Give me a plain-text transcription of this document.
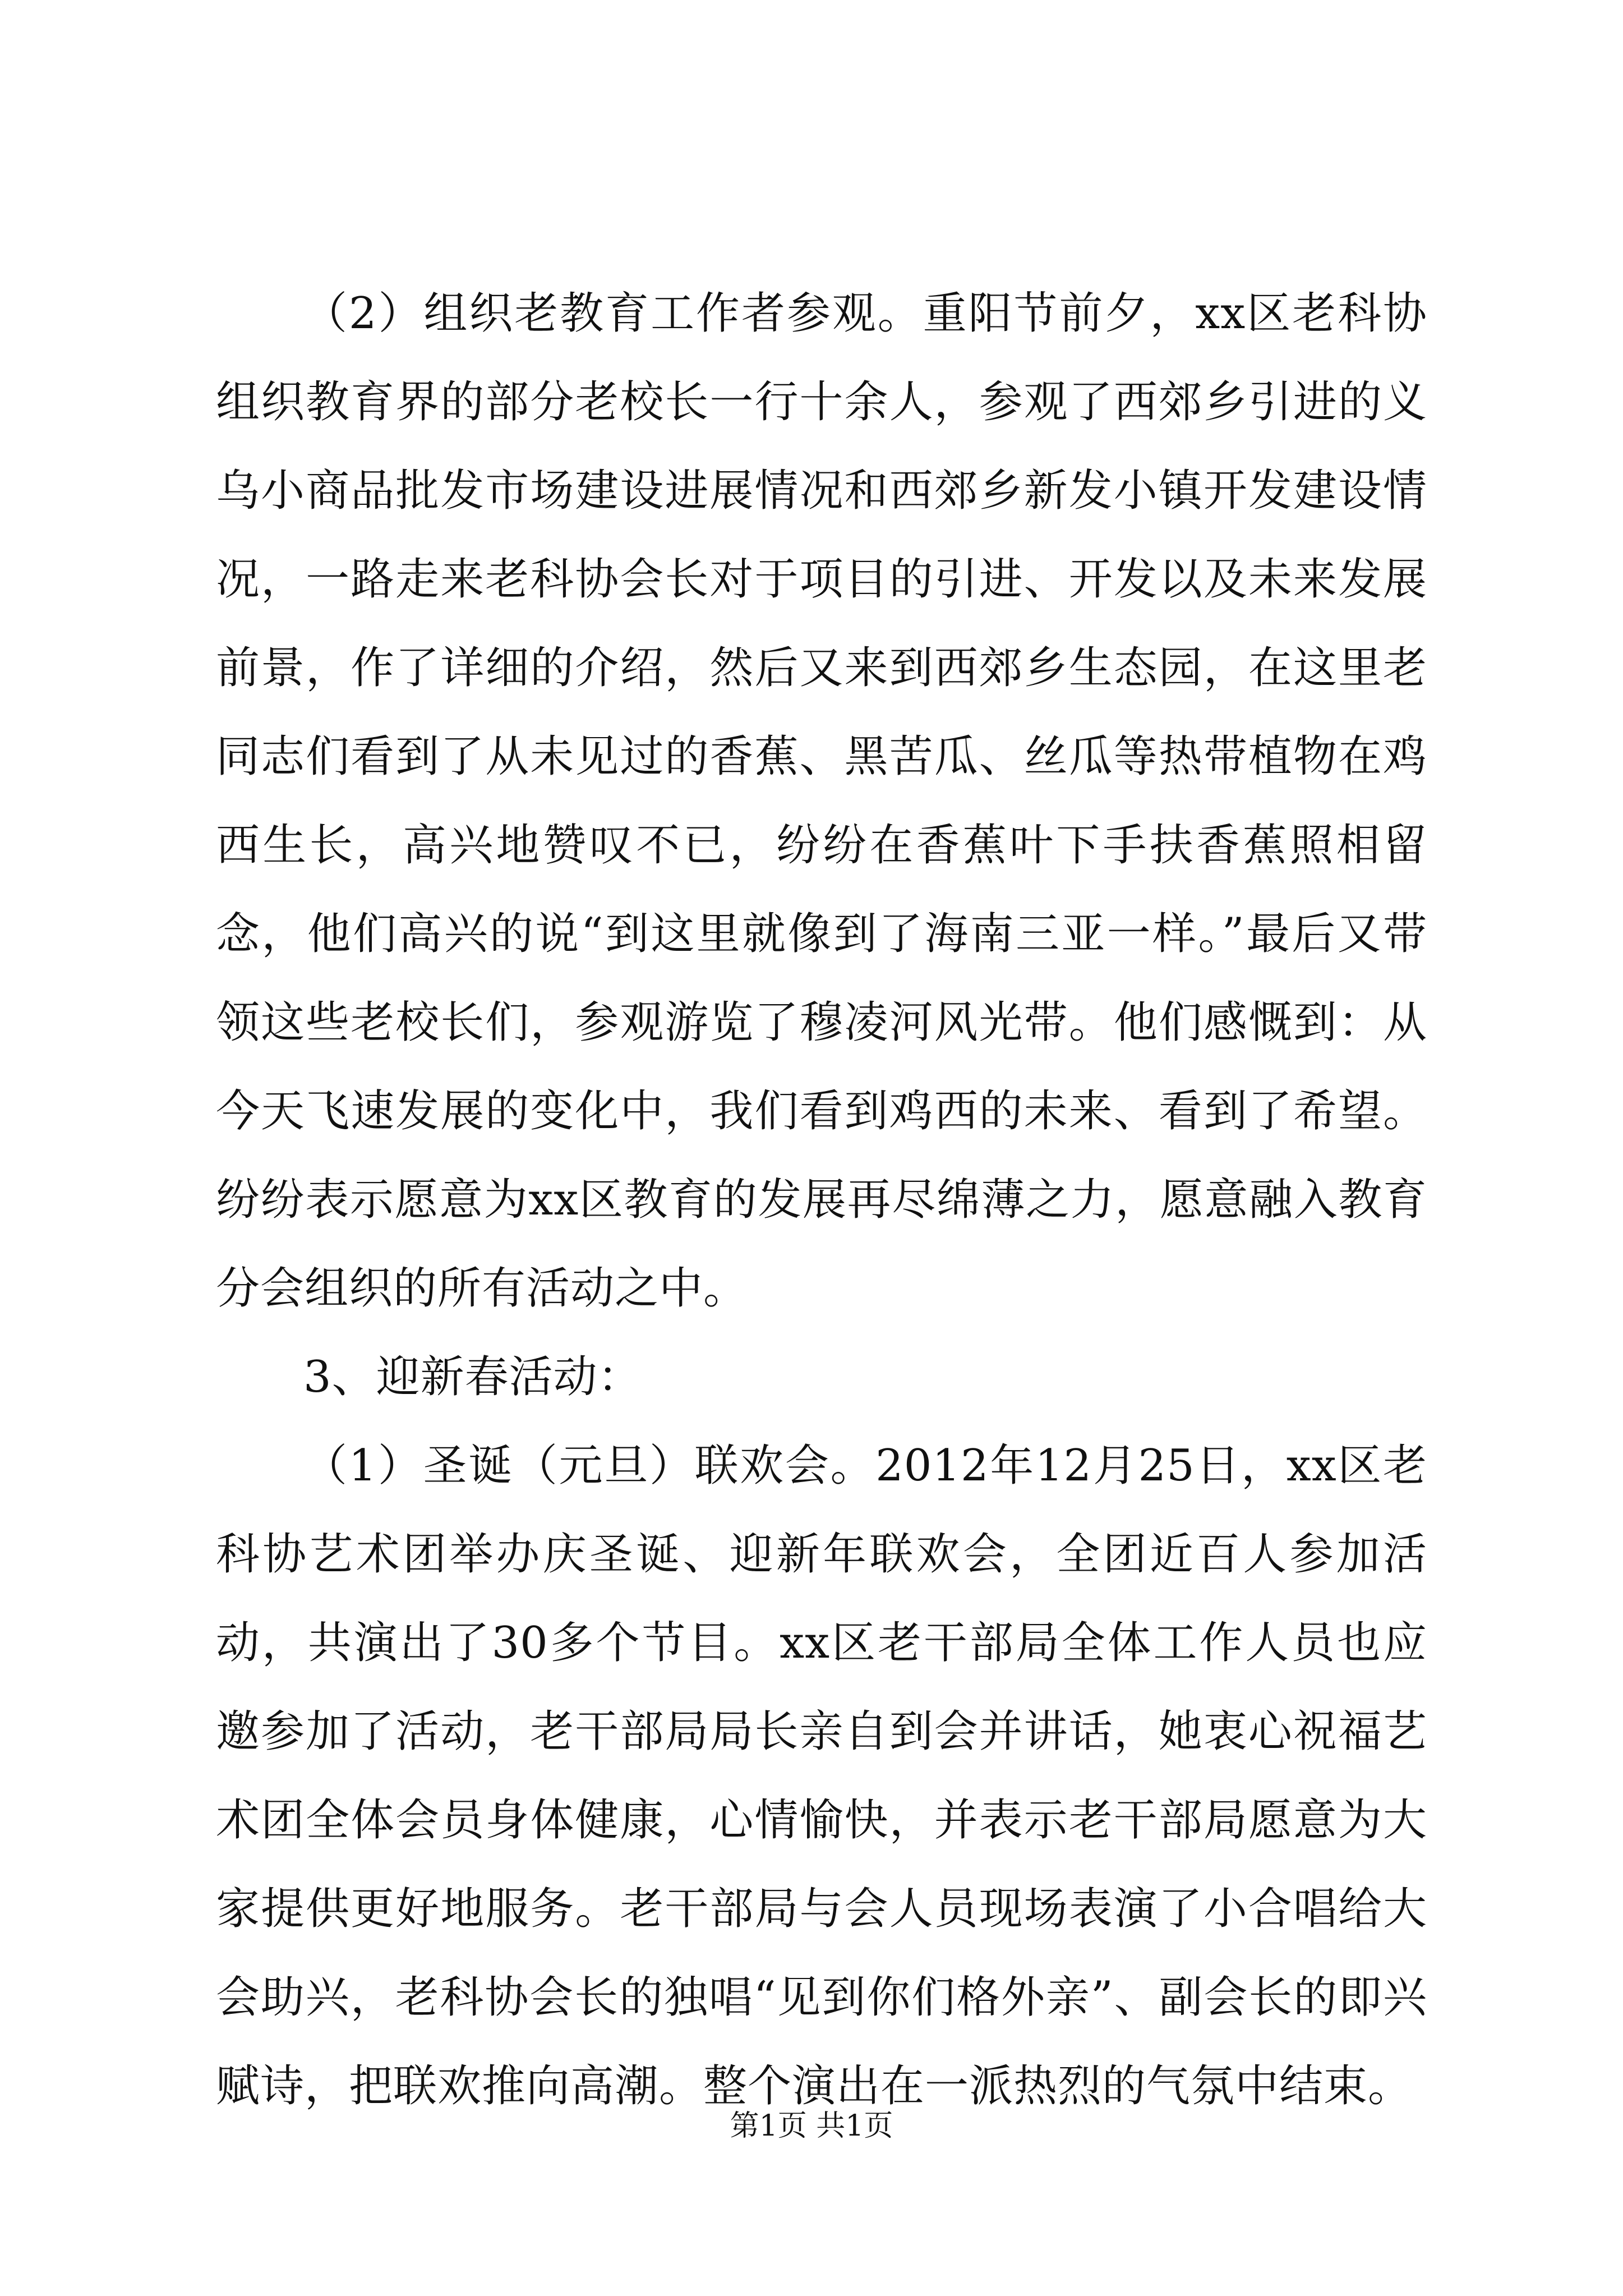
（2）组织老教育工作者参观。重阳节前夕，xx区老科协组织教育界的部分老校长一行十余人，参观了西郊乡引进的义乌小商品批发市场建设进展情况和西郊乡新发小镇开发建设情况，一路走来老科协会长对于项目的引进、开发以及未来发展前景，作了详细的介绍，然后又来到西郊乡生态园，在这里老同志们看到了从未见过的香蕉、黑苦瓜、丝瓜等热带植物在鸡西生长，高兴地赞叹不已，纷纷在香蕉叶下手扶香蕉照相留念，他们高兴的说“到这里就像到了海南三亚一样。”最后又带领这些老校长们，参观游览了穆凌河风光带。他们感慨到：从今天飞速发展的变化中，我们看到鸡西的未来、看到了希望。纷纷表示愿意为xx区教育的发展再尽绵薄之力，愿意融入教育分会组织的所有活动之中。

3、迎新春活动：

（1）圣诞（元旦）联欢会。2012年12月25日，xx区老科协艺术团举办庆圣诞、迎新年联欢会，全团近百人参加活动，共演出了30多个节目。xx区老干部局全体工作人员也应邀参加了活动，老干部局局长亲自到会并讲话，她衷心祝福艺术团全体会员身体健康，心情愉快，并表示老干部局愿意为大家提供更好地服务。老干部局与会人员现场表演了小合唱给大会助兴，老科协会长的独唱“见到你们格外亲”、副会长的即兴赋诗，把联欢推向高潮。整个演出在一派热烈的气氛中结束。

第1页 共1页
